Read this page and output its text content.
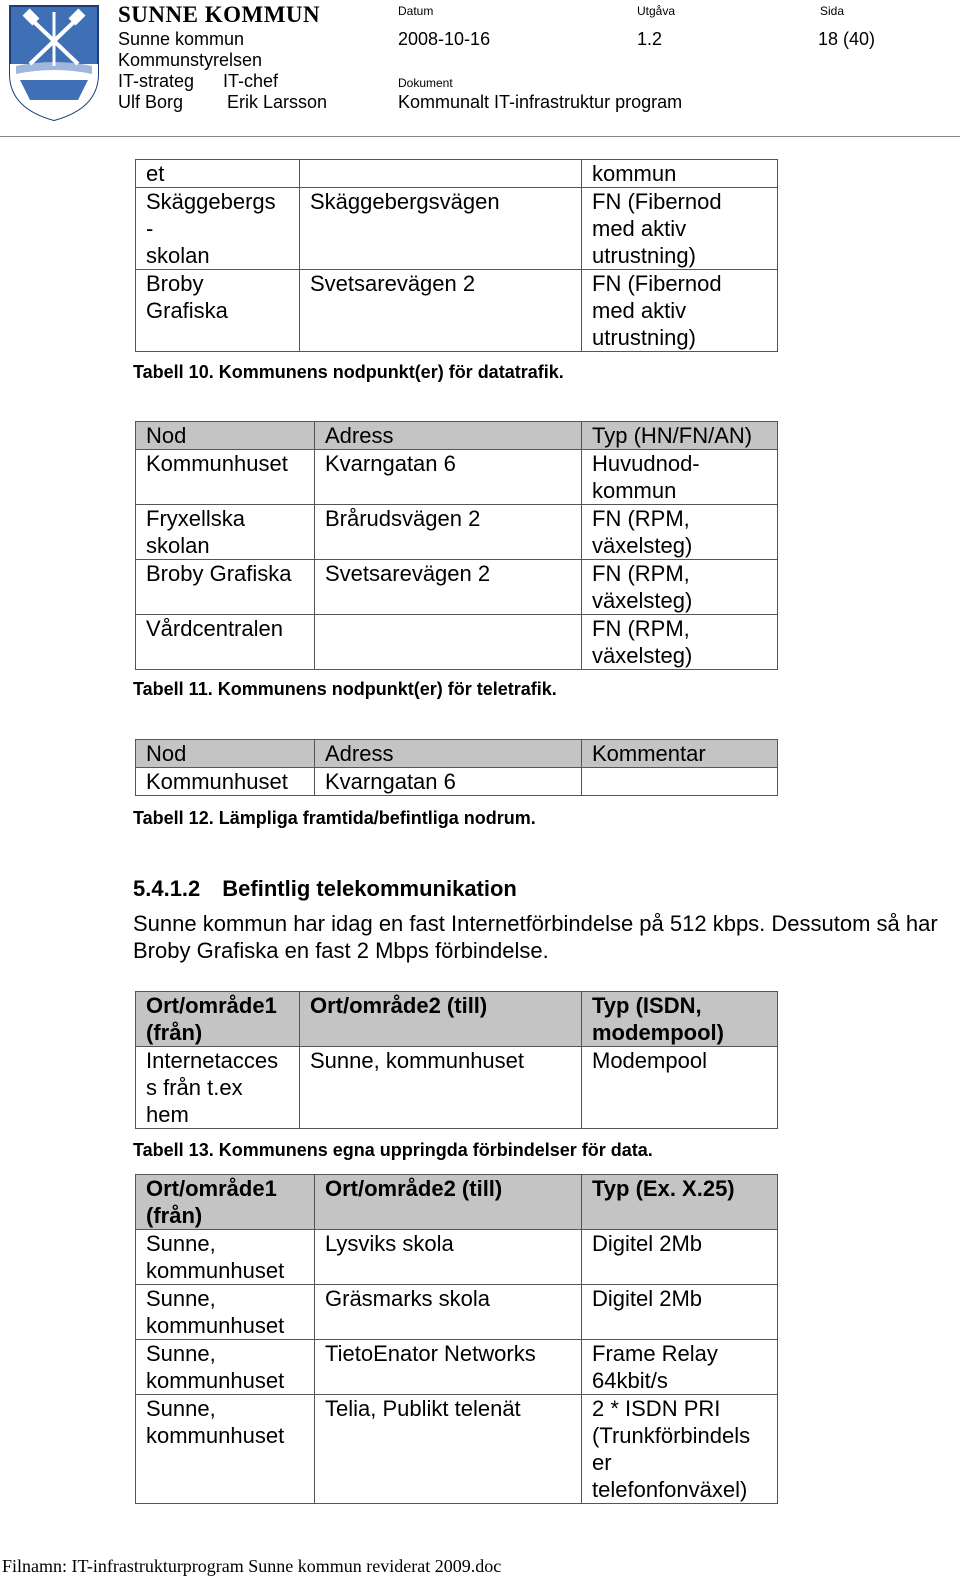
SUNNE KOMMUN
Sunne kommun
Kommunstyrelsen
IT-strateg IT-chef
Ulf Borg Erik Larsson
Datum
2008-10-16
Utgåva
1.2
Sida
18 (40)
Dokument
Kommunalt IT-infrastruktur program
et		kommun
Skäggebergs
-
skolan	Skäggebergsvägen	FN (Fibernod
med aktiv
utrustning)
Broby
Grafiska	Svetsarevägen 2	FN (Fibernod
med aktiv
utrustning)
Tabell 10. Kommunens nodpunkt(er) för datatrafik.
Nod	Adress	Typ (HN/FN/AN)
Kommunhuset	Kvarngatan 6	Huvudnod-
kommun
Fryxellska
skolan	Brårudsvägen 2	FN (RPM,
växelsteg)
Broby Grafiska	Svetsarevägen 2	FN (RPM,
växelsteg)
Vårdcentralen		FN (RPM,
växelsteg)
Tabell 11. Kommunens nodpunkt(er) för teletrafik.
Nod	Adress	Kommentar
Kommunhuset	Kvarngatan 6	
Tabell 12. Lämpliga framtida/befintliga nodrum.
5.4.1.2 Befintlig telekommunikation
Sunne kommun har idag en fast Internetförbindelse på 512 kbps. Dessutom så har Broby Grafiska en fast 2 Mbps förbindelse.
Ort/område1
(från)	Ort/område2 (till)	Typ (ISDN,
modempool)
Internetacces
s från t.ex
hem	Sunne, kommunhuset	Modempool
Tabell 13. Kommunens egna uppringda förbindelser för data.
Ort/område1
(från)	Ort/område2 (till)	Typ (Ex. X.25)
Sunne,
kommunhuset	Lysviks skola	Digitel 2Mb
Sunne,
kommunhuset	Gräsmarks skola	Digitel 2Mb
Sunne,
kommunhuset	TietoEnator Networks	Frame Relay
64kbit/s
Sunne,
kommunhuset	Telia, Publikt telenät	2 * ISDN PRI
(Trunkförbindels
er
telefonfonväxel)
Filnamn: IT-infrastrukturprogram Sunne kommun reviderat 2009.doc
